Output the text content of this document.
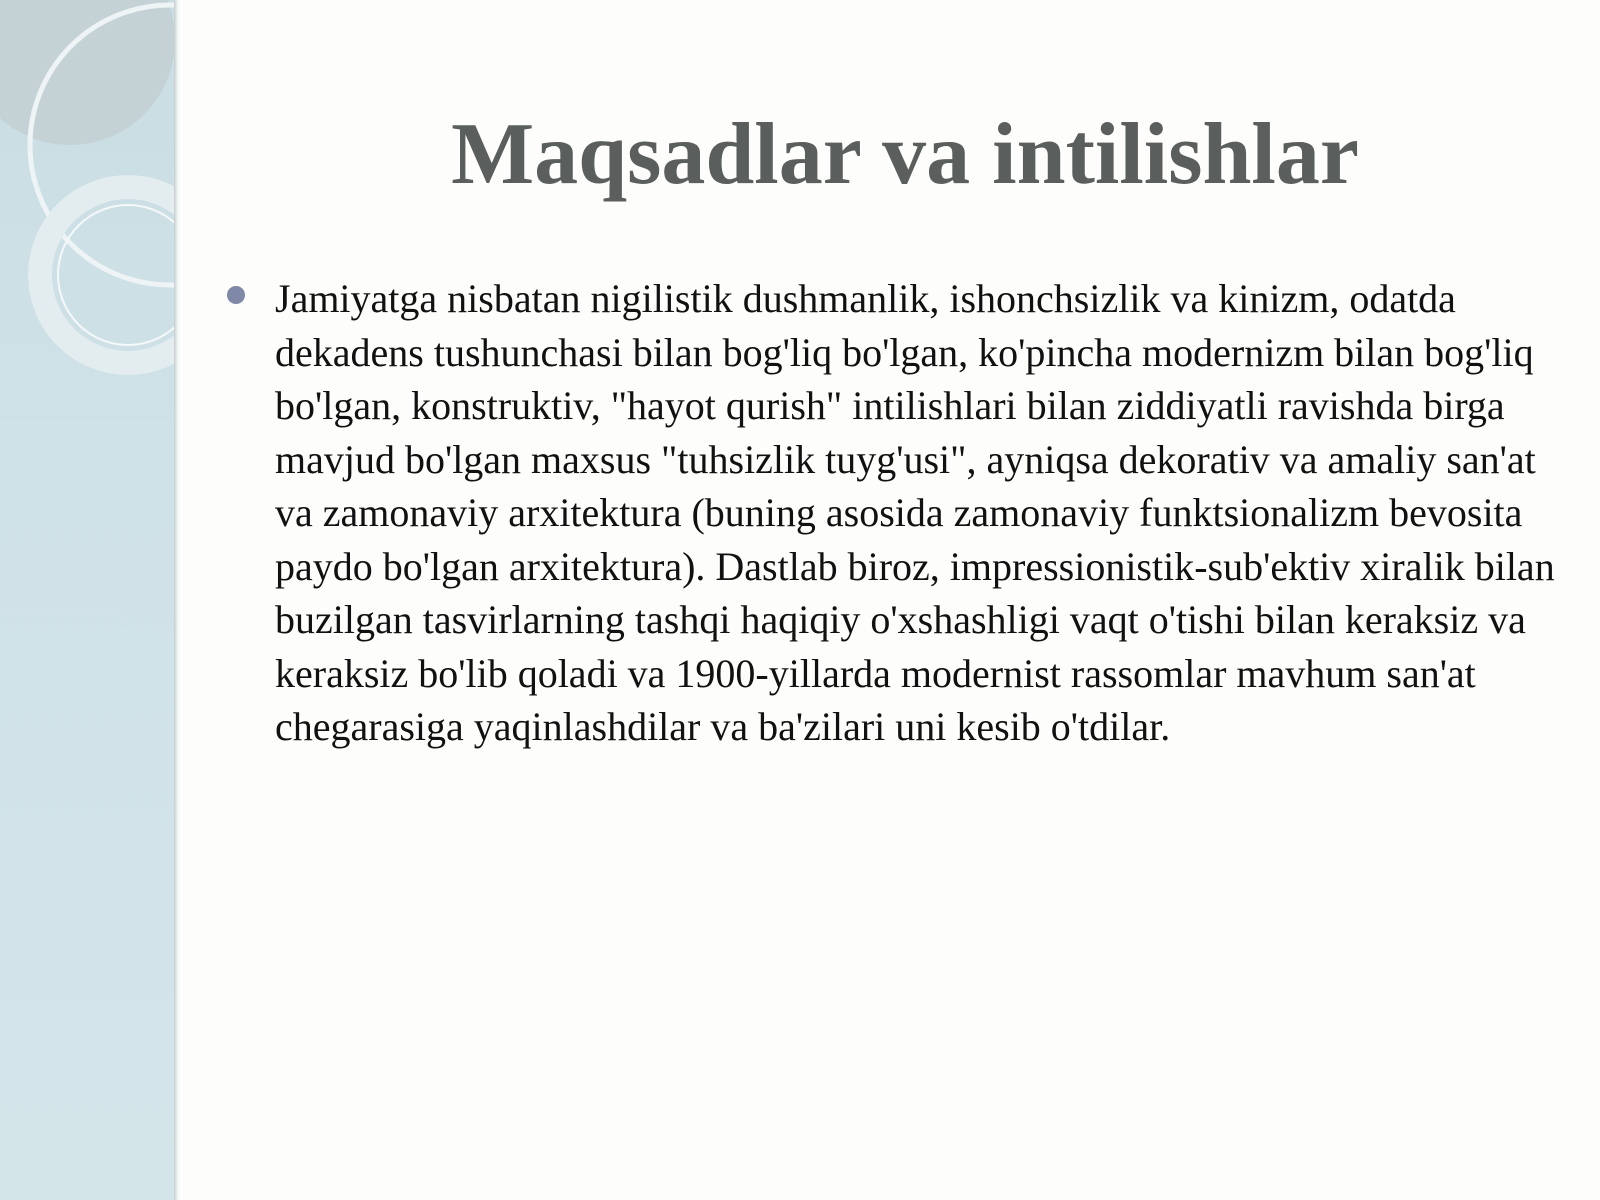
Maqsadlar va intilishlar

Jamiyatga nisbatan nigilistik dushmanlik, ishonchsizlik va kinizm, odatda dekadens tushunchasi bilan bog'liq bo'lgan, ko'pincha modernizm bilan bog'liq bo'lgan, konstruktiv, "hayot qurish" intilishlari bilan ziddiyatli ravishda birga mavjud bo'lgan maxsus "tuhsizlik tuyg'usi", ayniqsa dekorativ va amaliy san'at va zamonaviy arxitektura (buning asosida zamonaviy funktsionalizm bevosita paydo bo'lgan arxitektura). Dastlab biroz, impressionistik-sub'ektiv xiralik bilan buzilgan tasvirlarning tashqi haqiqiy o'xshashligi vaqt o'tishi bilan keraksiz va keraksiz bo'lib qoladi va 1900-yillarda modernist rassomlar mavhum san'at chegarasiga yaqinlashdilar va ba'zilari uni kesib o'tdilar.
